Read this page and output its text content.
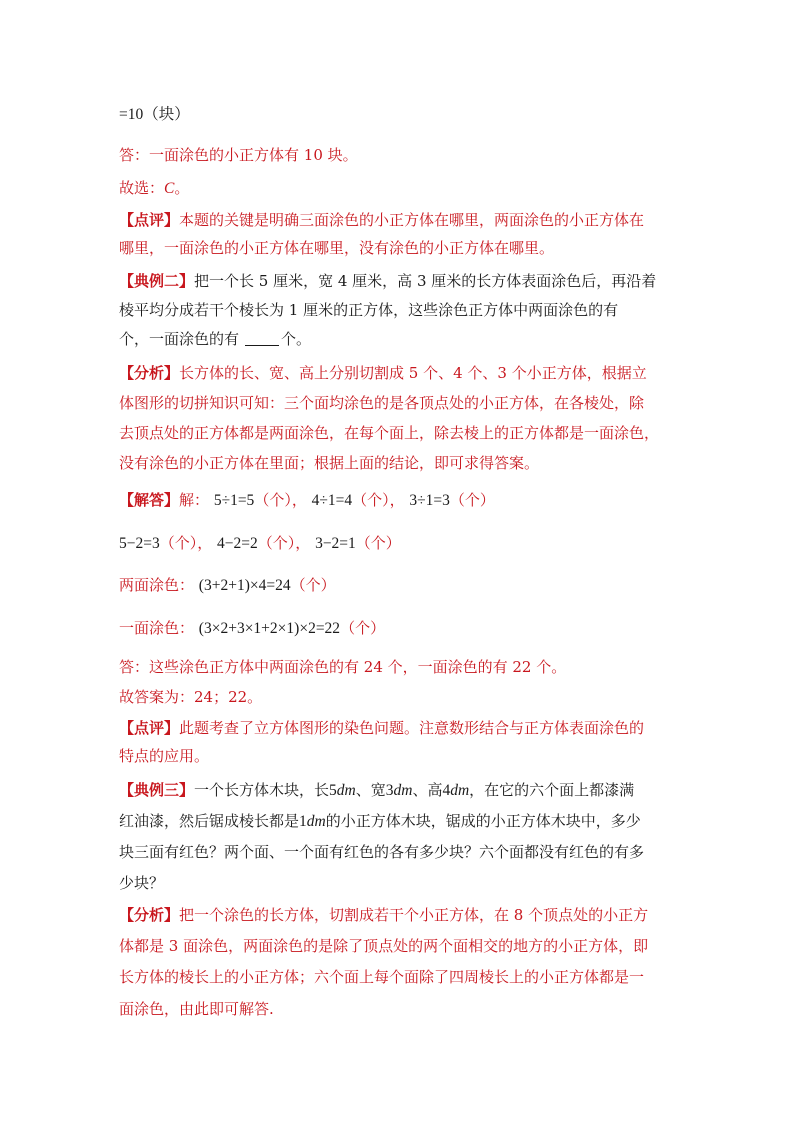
=10（块）
答：一面涂色的小正方体有 10 块。
故选：C。
【点评】本题的关键是明确三面涂色的小正方体在哪里，两面涂色的小正方体在
哪里，一面涂色的小正方体在哪里，没有涂色的小正方体在哪里。
【典例二】把一个长 5 厘米，宽 4 厘米，高 3 厘米的长方体表面涂色后，再沿着
棱平均分成若干个棱长为 1 厘米的正方体，这些涂色正方体中两面涂色的有
个，一面涂色的有	个。
【分析】长方体的长、宽、高上分别切割成 5 个、4 个、3 个小正方体，根据立
体图形的切拼知识可知：三个面均涂色的是各顶点处的小正方体，在各棱处，除
去顶点处的正方体都是两面涂色，在每个面上，除去棱上的正方体都是一面涂色，
没有涂色的小正方体在里面；根据上面的结论，即可求得答案。
【解答】解： 5÷1=5（个）， 4÷1=4（个）， 3÷1=3（个）
5−2=3（个）， 4−2=2（个）， 3−2=1（个）
两面涂色： (3+2+1)×4=24（个）
一面涂色： (3×2+3×1+2×1)×2=22（个）
答：这些涂色正方体中两面涂色的有 24 个，一面涂色的有 22 个。
故答案为：24；22。
【点评】此题考查了立方体图形的染色问题。注意数形结合与正方体表面涂色的
特点的应用。
【典例三】一个长方体木块，长5dm、宽3dm、高4dm，在它的六个面上都漆满
红油漆，然后锯成棱长都是1dm的小正方体木块，锯成的小正方体木块中，多少
块三面有红色？两个面、一个面有红色的各有多少块？六个面都没有红色的有多
少块？
【分析】把一个涂色的长方体，切割成若干个小正方体，在 8 个顶点处的小正方
体都是 3 面涂色，两面涂色的是除了顶点处的两个面相交的地方的小正方体，即
长方体的棱长上的小正方体；六个面上每个面除了四周棱长上的小正方体都是一
面涂色，由此即可解答.
